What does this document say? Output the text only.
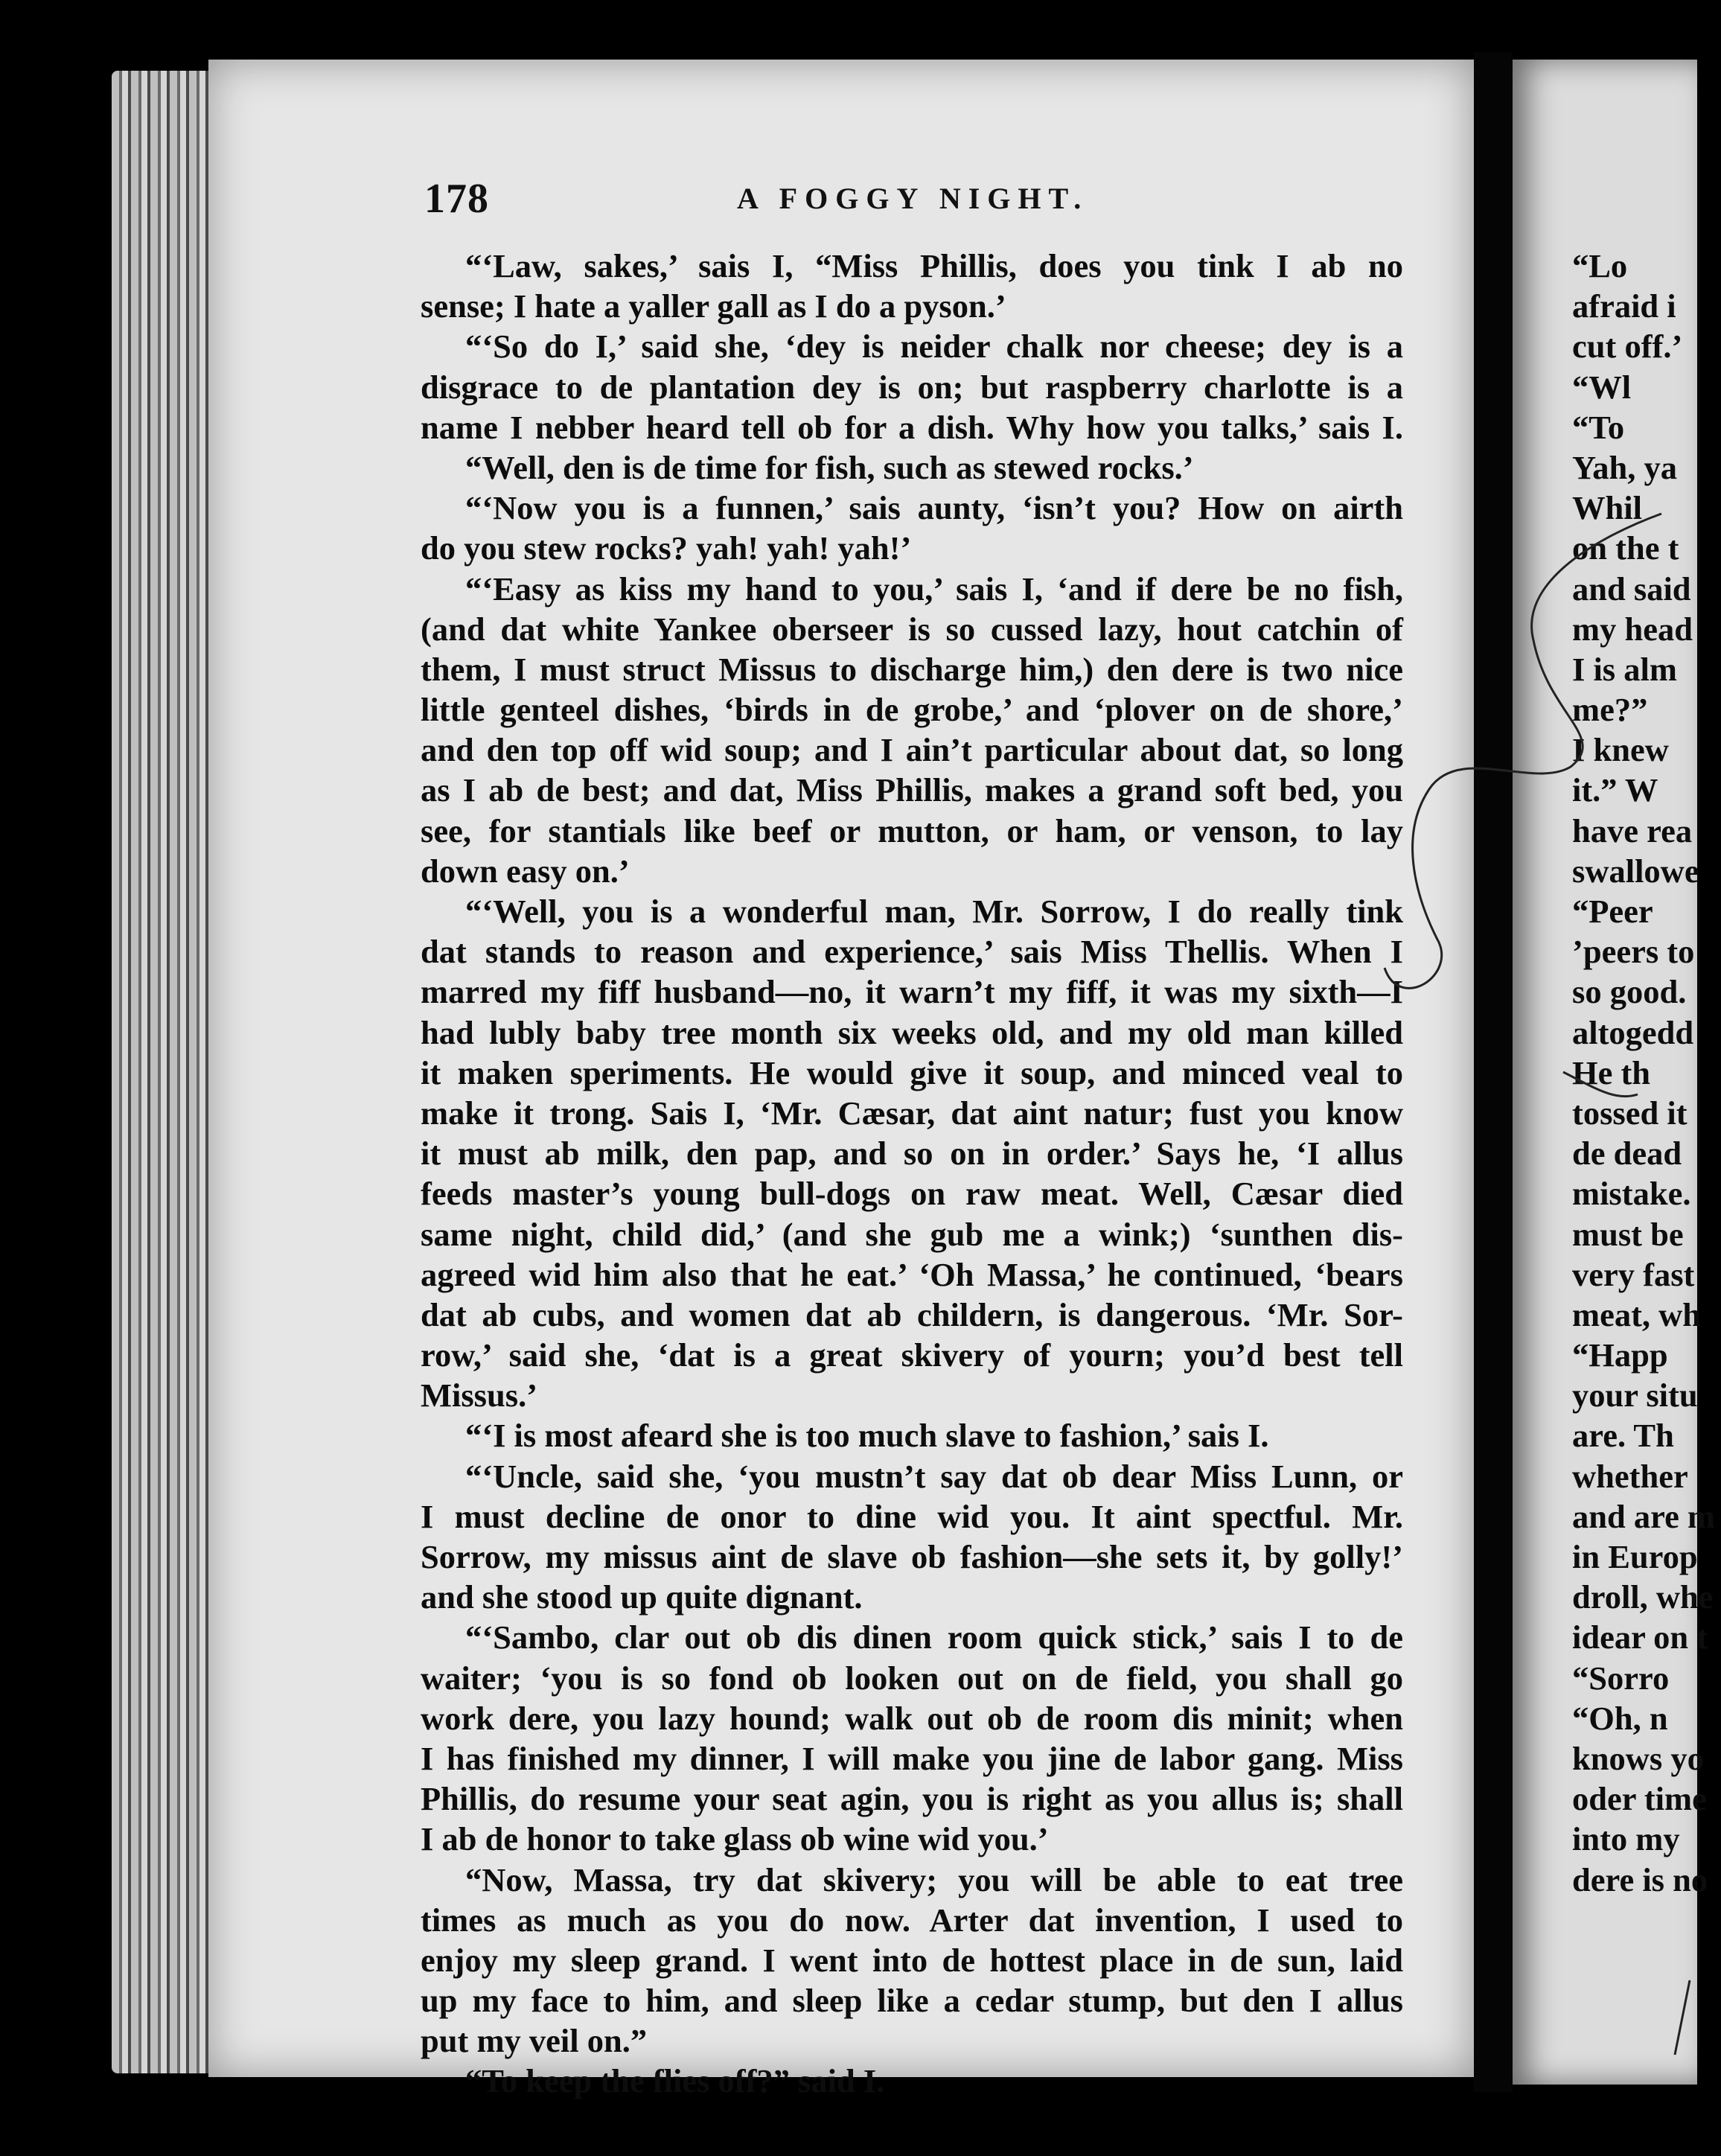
178	A FOGGY NIGHT.
“‘Law, sakes,’ sais I, “Miss Phillis, does you tink I ab no
sense; I hate a yaller gall as I do a pyson.’
“‘So do I,’ said she, ‘dey is neider chalk nor cheese; dey is a
disgrace to de plantation dey is on; but raspberry charlotte is a
name I nebber heard tell ob for a dish. Why how you talks,’ sais I.
“Well, den is de time for fish, such as stewed rocks.’
“‘Now you is a funnen,’ sais aunty, ‘isn’t you? How on airth
do you stew rocks? yah! yah! yah!’
“‘Easy as kiss my hand to you,’ sais I, ‘and if dere be no fish,
(and dat white Yankee oberseer is so cussed lazy, hout catchin of
them, I must struct Missus to discharge him,) den dere is two nice
little genteel dishes, ‘birds in de grobe,’ and ‘plover on de shore,’
and den top off wid soup; and I ain’t particular about dat, so long
as I ab de best; and dat, Miss Phillis, makes a grand soft bed, you
see, for stantials like beef or mutton, or ham, or venson, to lay
down easy on.’
“‘Well, you is a wonderful man, Mr. Sorrow, I do really tink
dat stands to reason and experience,’ sais Miss Thellis. When I
marred my fiff husband—no, it warn’t my fiff, it was my sixth—I
had lubly baby tree month six weeks old, and my old man killed
it maken speriments. He would give it soup, and minced veal to
make it trong. Sais I, ‘Mr. Cæsar, dat aint natur; fust you know
it must ab milk, den pap, and so on in order.’ Says he, ‘I allus
feeds master’s young bull-dogs on raw meat. Well, Cæsar died
same night, child did,’ (and she gub me a wink;) ‘sunthen dis-
agreed wid him also that he eat.’ ‘Oh Massa,’ he continued, ‘bears
dat ab cubs, and women dat ab childern, is dangerous. ‘Mr. Sor-
row,’ said she, ‘dat is a great skivery of yourn; you’d best tell
Missus.’
“‘I is most afeard she is too much slave to fashion,’ sais I.
“‘Uncle, said she, ‘you mustn’t say dat ob dear Miss Lunn, or
I must decline de onor to dine wid you. It aint spectful. Mr.
Sorrow, my missus aint de slave ob fashion—she sets it, by golly!’
and she stood up quite dignant.
“‘Sambo, clar out ob dis dinen room quick stick,’ sais I to de
waiter; ‘you is so fond ob looken out on de field, you shall go
work dere, you lazy hound; walk out ob de room dis minit; when
I has finished my dinner, I will make you jine de labor gang. Miss
Phillis, do resume your seat agin, you is right as you allus is; shall
I ab de honor to take glass ob wine wid you.’
“Now, Massa, try dat skivery; you will be able to eat tree
times as much as you do now. Arter dat invention, I used to
enjoy my sleep grand. I went into de hottest place in de sun, laid
up my face to him, and sleep like a cedar stump, but den I allus
put my veil on.”
“To keep the flies off?” said I.
“Lo
afraid i
cut off.’
“Wl
“To
Yah, ya
Whil
on the t
and said
my head
I is alm
me?”
I knew
it.” W
have rea
swallowe
“Peer
’peers to
so good.
altogedd
He th
tossed it
de dead
mistake.
must be
very fast
meat, wh
“Happ
your situ
are. Th
whether
and are m
in Europ
droll, whe
idear on t
“Sorro
“Oh, n
knows yo
oder time
into my
dere is no
